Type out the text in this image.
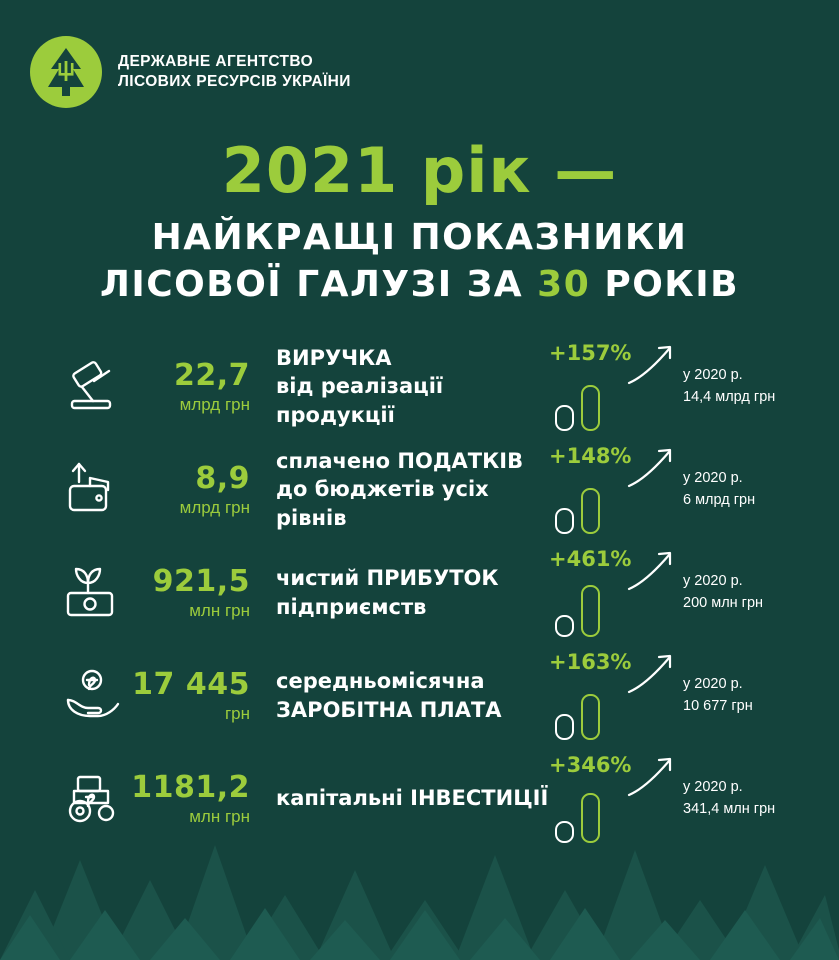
ДЕРЖАВНЕ АГЕНТСТВО
ЛІСОВИХ РЕСУРСІВ УКРАЇНИ
2021 рік —
НАЙКРАЩІ ПОКАЗНИКИ
ЛІСОВОЇ ГАЛУЗІ ЗА 30 РОКІВ
22,7
млрд грн
ВИРУЧКА
від реалізації продукції
+157%
у 2020 р.
14,4 млрд грн
8,9
млрд грн
сплачено ПОДАТКІВ
до бюджетів усіх рівнів
+148%
у 2020 р.
6 млрд грн
921,5
млн грн
чистий ПРИБУТОК
підприємств
+461%
у 2020 р.
200 млн грн
17 445
грн
середньомісячна
ЗАРОБІТНА ПЛАТА
+163%
у 2020 р.
10 677 грн
1181,2
млн грн
капітальні ІНВЕСТИЦІЇ
+346%
у 2020 р.
341,4 млн грн
